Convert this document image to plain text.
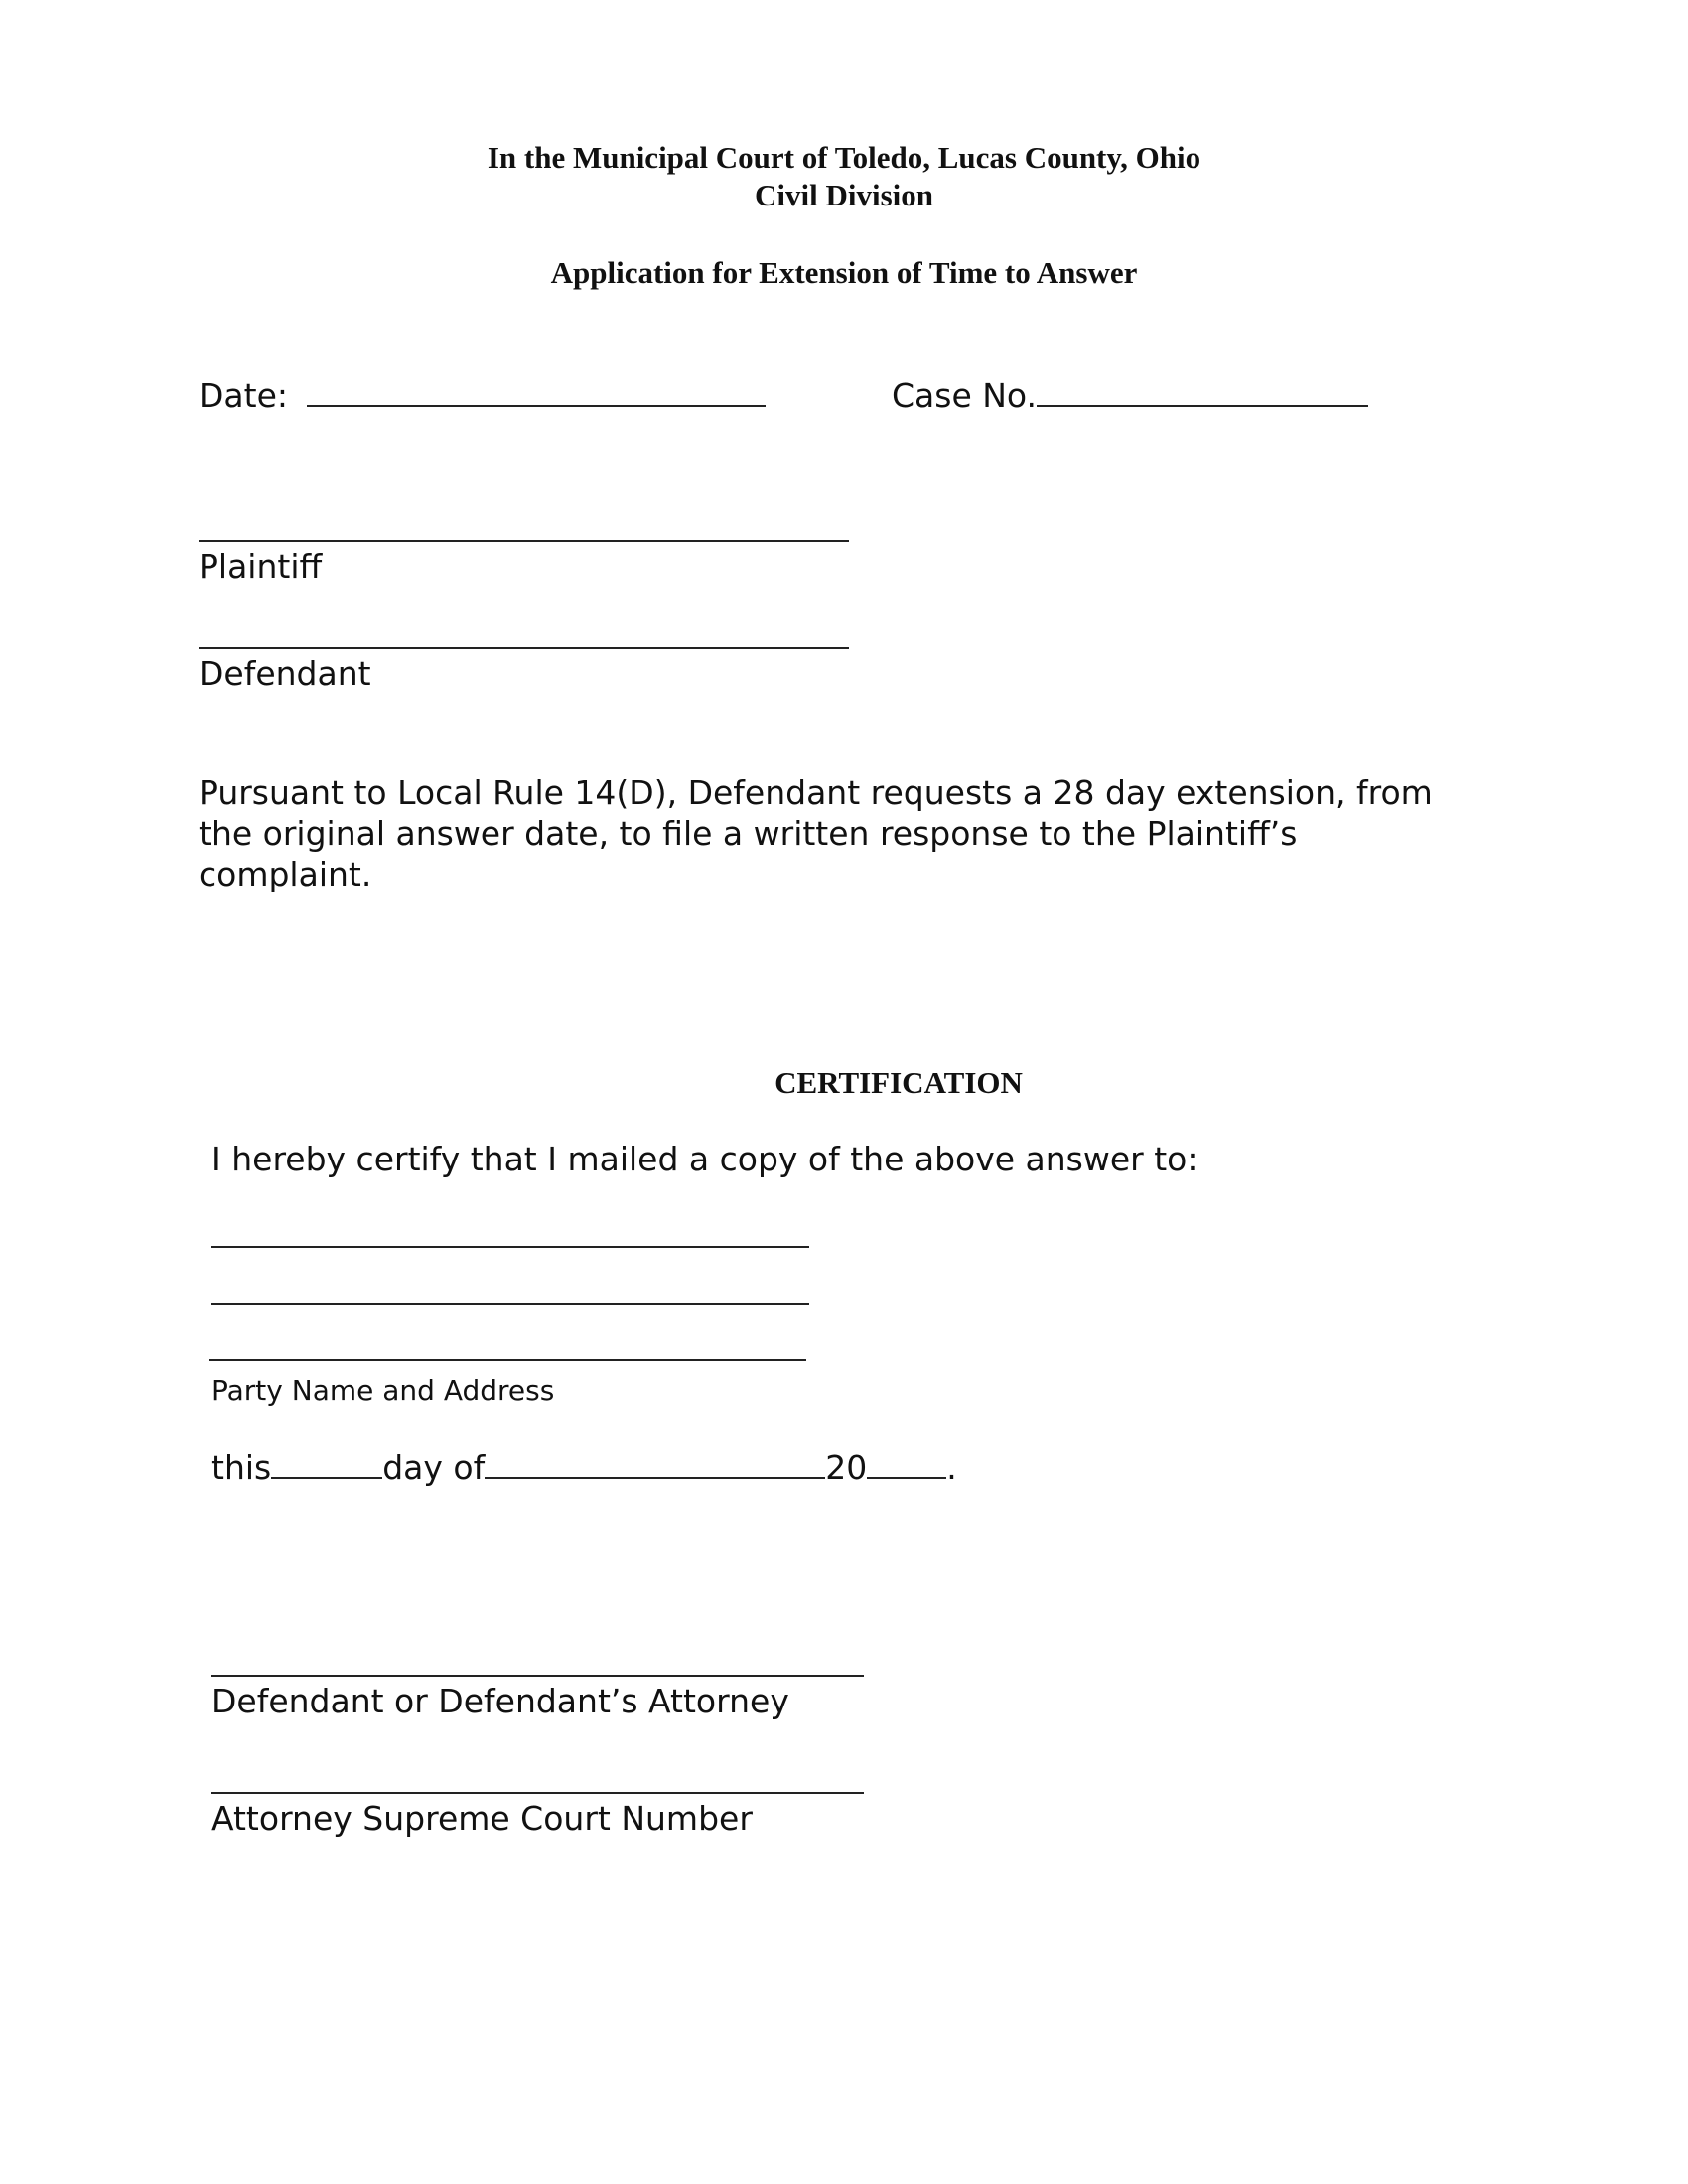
In the Municipal Court of Toledo, Lucas County, Ohio
Civil Division
Application for Extension of Time to Answer
Date:	Case No.
Plaintiff
Defendant
Pursuant to Local Rule 14(D), Defendant requests a 28 day extension, from
the original answer date, to file a written response to the Plaintiff’s
complaint.
CERTIFICATION
I hereby certify that I mailed a copy of the above answer to:
Party Name and Address
this	day of	20 .
Defendant or Defendant’s Attorney
Attorney Supreme Court Number
